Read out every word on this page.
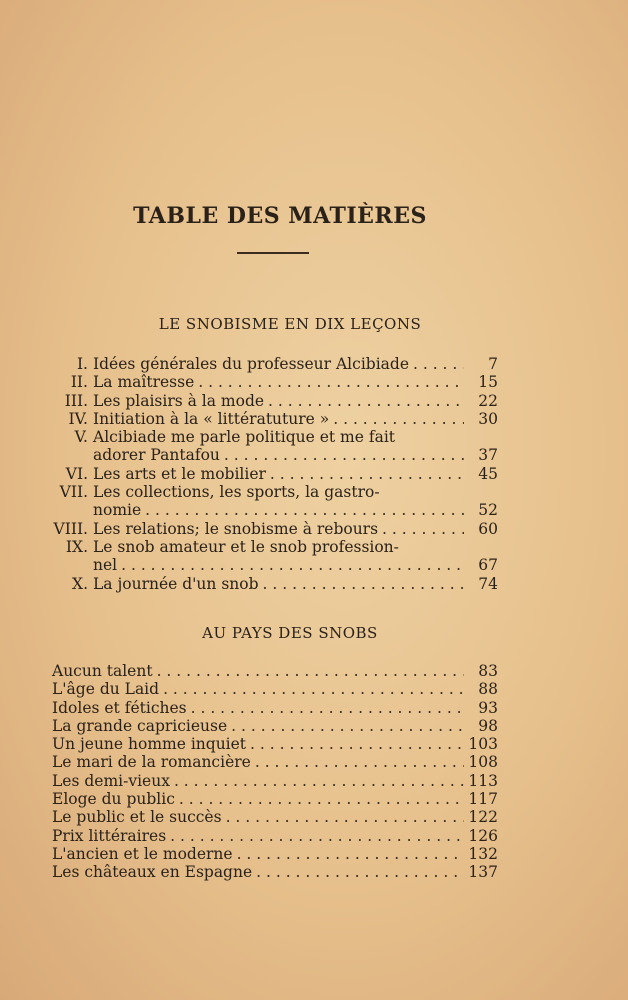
TABLE DES MATIÈRES
LE SNOBISME EN DIX LEÇONS
I. Idées générales du professeur Alcibiade . . .	7
II. La maîtresse . . .	15
III. Les plaisirs à la mode . . .	22
IV. Initiation à la « littératuture » . . .	30
V. Alcibiade me parle politique et me fait
adorer Pantafou . . .	37
VI. Les arts et le mobilier . . .	45
VII. Les collections, les sports, la gastro-
nomie . . .	52
VIII. Les relations; le snobisme à rebours . . .	60
IX. Le snob amateur et le snob profession-
nel . . .	67
X. La journée d'un snob . . .	74
AU PAYS DES SNOBS
Aucun talent . . .	83
L'âge du Laid . . .	88
Idoles et fétiches . . .	93
La grande capricieuse . . .	98
Un jeune homme inquiet . . .	103
Le mari de la romancière . . .	108
Les demi-vieux . . .	113
Eloge du public . . .	117
Le public et le succès . . .	122
Prix littéraires . . .	126
L'ancien et le moderne . . .	132
Les châteaux en Espagne . . .	137
